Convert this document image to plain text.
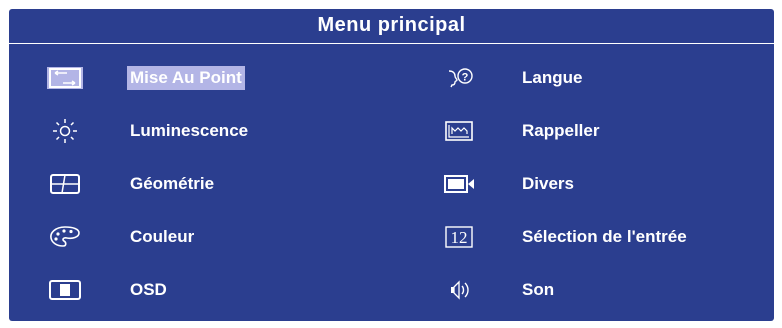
Menu principal
Mise Au Point
Luminescence
Géométrie
Couleur
OSD
?	Langue
Rappeller
Divers
12	Sélection de l'entrée
Son
